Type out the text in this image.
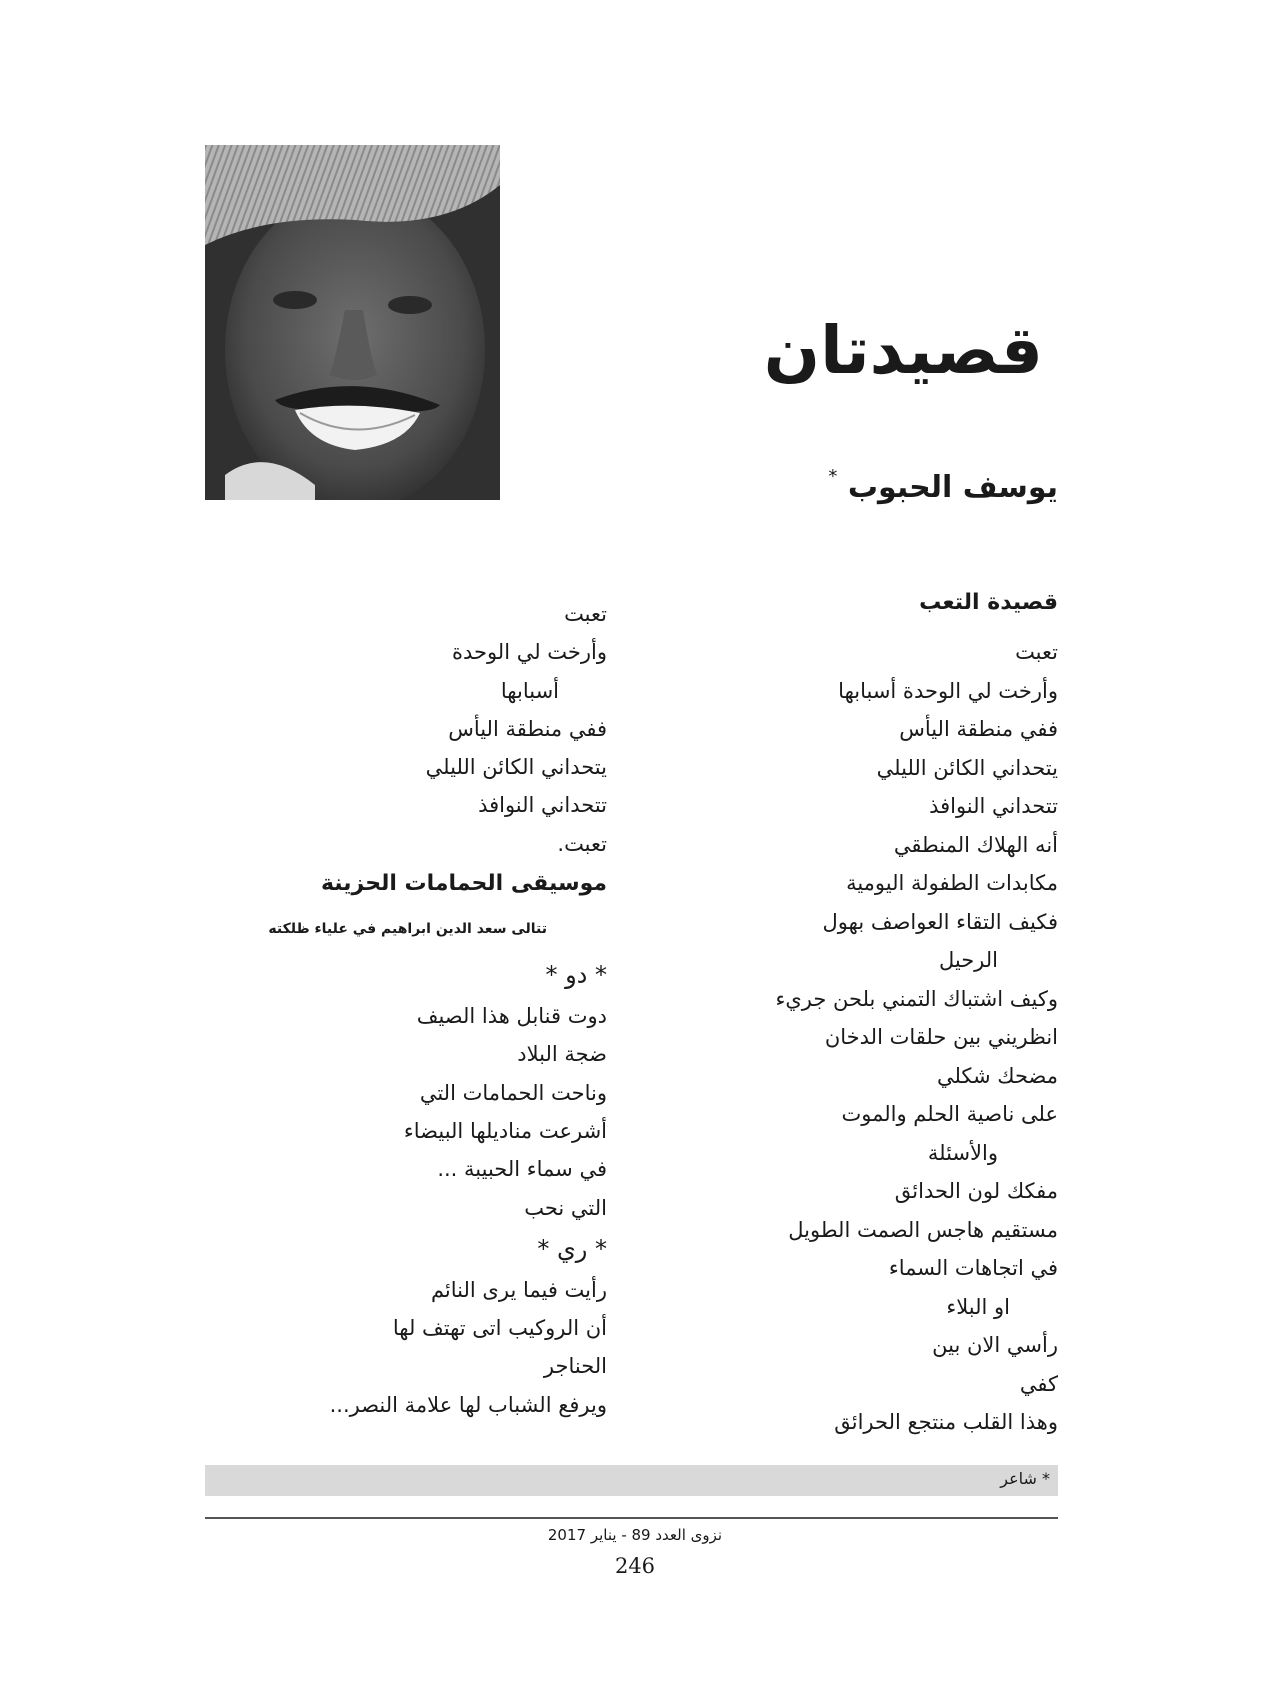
قصيدتان
يوسف الحبوب *
قصيدة التعب
تعبت
وأرخت لي الوحدة أسبابها
ففي منطقة اليأس
يتحداني الكائن الليلي
تتحداني النوافذ
أنه الهلاك المنطقي
مكابدات الطفولة اليومية
فكيف التقاء العواصف بهول
الرحيل
وكيف اشتباك التمني بلحن جريء
انظريني بين حلقات الدخان
مضحك شكلي
على ناصية الحلم والموت
والأسئلة
مفكك لون الحدائق
مستقيم هاجس الصمت الطويل
في اتجاهات السماء
او البلاء
رأسي الان بين
كفي
وهذا القلب منتجع الحرائق
تعبت
وأرخت لي الوحدة
أسبابها
ففي منطقة اليأس
يتحداني الكائن الليلي
تتحداني النوافذ
تعبت.
موسيقى الحمامات الحزينة
تتالى سعد الدين ابراهيم في علياء ظلكته
* دو *
دوت قنابل هذا الصيف
ضجة البلاد
وناحت الحمامات التي
أشرعت مناديلها البيضاء
في سماء الحبيبة ...
التي نحب
* ري *
رأيت فيما يرى النائم
أن الروكيب اتى تهتف لها
الحناجر
ويرفع الشباب لها علامة النصر...
* شاعر
نزوى العدد 89 - يناير 2017
246
